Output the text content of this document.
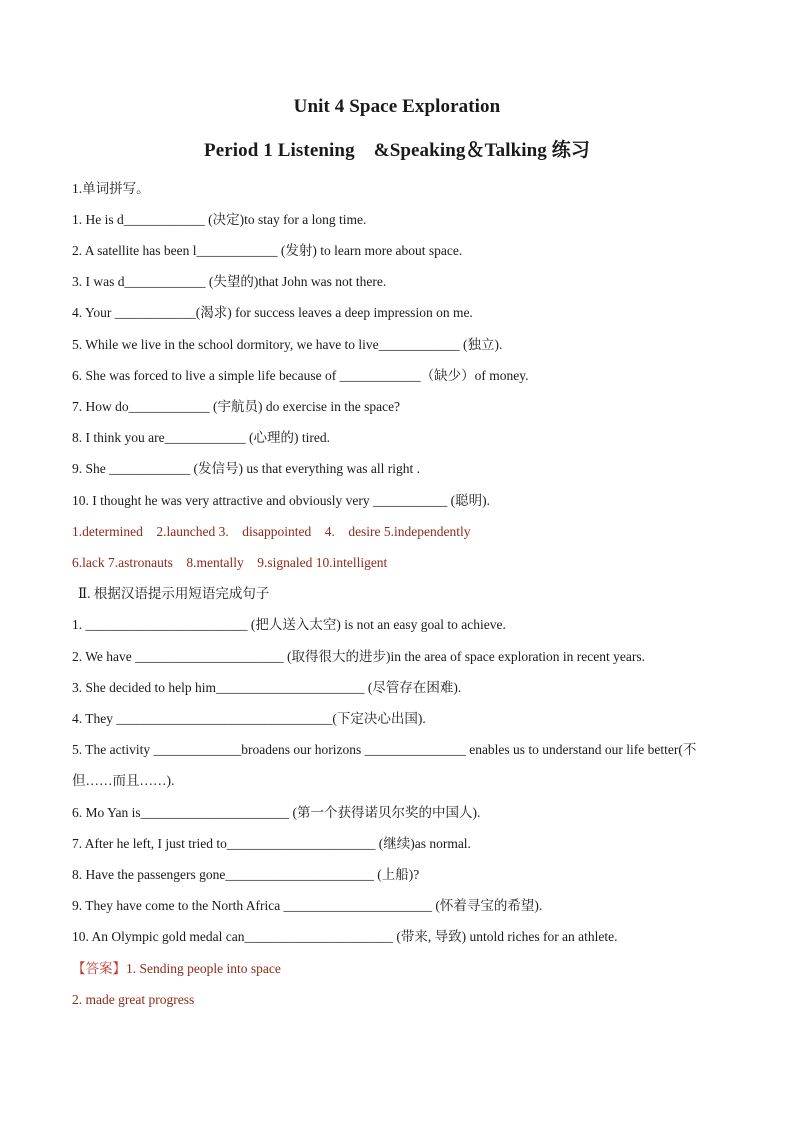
Unit 4 Space Exploration
Period 1 Listening　&Speaking＆Talking 练习
1.单词拼写。
1. He is d____________ (决定)to stay for a long time.
2. A satellite has been l____________ (发射) to learn more about space.
3. I was d____________ (失望的)that John was not there.
4. Your ____________(渴求) for success leaves a deep impression on me.
5. While we live in the school dormitory, we have to live____________ (独立).
6. She was forced to live a simple life because of ____________（缺少）of money.
7. How do____________ (宇航员) do exercise in the space?
8. I think you are____________ (心理的) tired.
9. She ____________ (发信号) us that everything was all right .
10. I thought he was very attractive and obviously very ___________ (聪明).
1.determined　2.launched 3.　disappointed　4.　desire 5.independently
6.lack 7.astronauts　8.mentally　9.signaled 10.intelligent
Ⅱ. 根据汉语提示用短语完成句子
1. ________________________ (把人送入太空) is not an easy goal to achieve.
2. We have ______________________ (取得很大的进步)in the area of space exploration in recent years.
3. She decided to help him______________________ (尽管存在困难).
4. They ________________________________(下定决心出国).
5. The activity _____________broadens our horizons _______________ enables us to understand our life better(不
但……而且……).
6. Mo Yan is______________________ (第一个获得诺贝尔奖的中国人).
7. After he left, I just tried to______________________ (继续)as normal.
8. Have the passengers gone______________________ (上船)?
9. They have come to the North Africa ______________________ (怀着寻宝的希望).
10. An Olympic gold medal can______________________ (带来, 导致) untold riches for an athlete.
【答案】1. Sending people into space
2. made great progress
